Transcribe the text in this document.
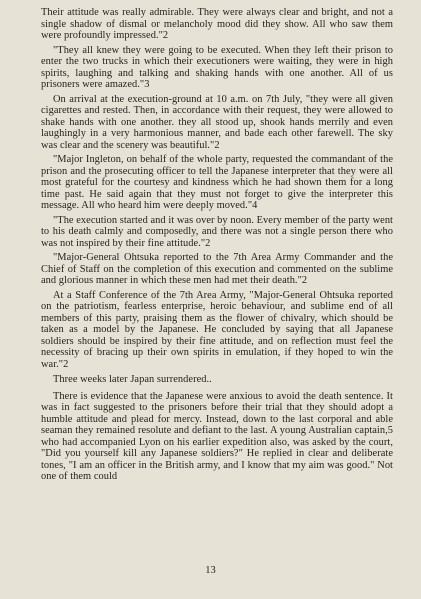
Their attitude was really admirable. They were always clear and bright, and not a single shadow of dismal or melancholy mood did they show. All who saw them were profoundly impressed."2

"They all knew they were going to be executed. When they left their prison to enter the two trucks in which their executioners were waiting, they were in high spirits, laughing and talking and shaking hands with one another. All of us prisoners were amazed."3

On arrival at the execution-ground at 10 a.m. on 7th July, "they were all given cigarettes and rested. Then, in accordance with their request, they were allowed to shake hands with one another. they all stood up, shook hands merrily and even laughingly in a very harmonious manner, and bade each other farewell. The sky was clear and the scenery was beautiful."2

"Major Ingleton, on behalf of the whole party, requested the commandant of the prison and the prosecuting officer to tell the Japanese interpreter that they were all most grateful for the courtesy and kindness which he had shown them for a long time past. He said again that they must not forget to give the interpreter this message. All who heard him were deeply moved."4

"The execution started and it was over by noon. Every member of the party went to his death calmly and composedly, and there was not a single person there who was not inspired by their fine attitude."2

"Major-General Ohtsuka reported to the 7th Area Army Commander and the Chief of Staff on the completion of this execution and commented on the sublime and glorious manner in which these men had met their death."2

At a Staff Conference of the 7th Area Army, "Major-General Ohtsuka reported on the patriotism, fearless enterprise, heroic behaviour, and sublime end of all members of this party, praising them as the flower of chivalry, which should be taken as a model by the Japanese. He concluded by saying that all Japanese soldiers should be inspired by their fine attitude, and on reflection must feel the necessity of bracing up their own spirits in emulation, if they hoped to win the war."2

Three weeks later Japan surrendered..

There is evidence that the Japanese were anxious to avoid the death sentence. It was in fact suggested to the prisoners before their trial that they should adopt a humble attitude and plead for mercy. Instead, down to the last corporal and able seaman they remained resolute and defiant to the last. A young Australian captain,5 who had accompanied Lyon on his earlier expedition also, was asked by the court, "Did you yourself kill any Japanese soldiers?" He replied in clear and deliberate tones, "I am an officer in the British army, and I know that my aim was good." Not one of them could

13
